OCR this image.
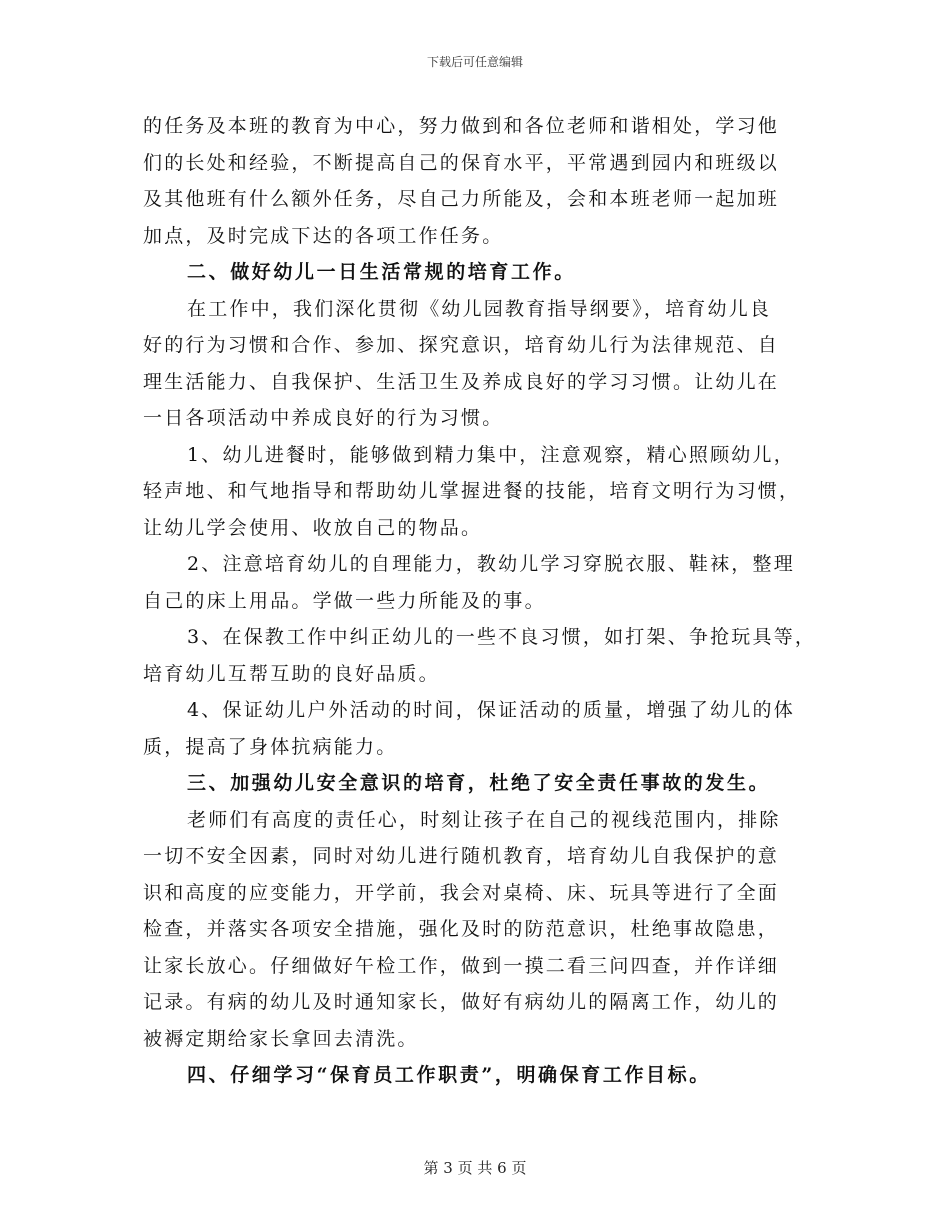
下载后可任意编辑
的任务及本班的教育为中心，努力做到和各位老师和谐相处，学习他
们的长处和经验，不断提高自己的保育水平，平常遇到园内和班级以
及其他班有什么额外任务，尽自己力所能及，会和本班老师一起加班
加点，及时完成下达的各项工作任务。
二、做好幼儿一日生活常规的培育工作。
在工作中，我们深化贯彻《幼儿园教育指导纲要》，培育幼儿良
好的行为习惯和合作、参加、探究意识，培育幼儿行为法律规范、自
理生活能力、自我保护、生活卫生及养成良好的学习习惯。让幼儿在
一日各项活动中养成良好的行为习惯。
1、幼儿进餐时，能够做到精力集中，注意观察，精心照顾幼儿，
轻声地、和气地指导和帮助幼儿掌握进餐的技能，培育文明行为习惯，
让幼儿学会使用、收放自己的物品。
2、注意培育幼儿的自理能力，教幼儿学习穿脱衣服、鞋袜，整理
自己的床上用品。学做一些力所能及的事。
3、在保教工作中纠正幼儿的一些不良习惯，如打架、争抢玩具等，
培育幼儿互帮互助的良好品质。
4、保证幼儿户外活动的时间，保证活动的质量，增强了幼儿的体
质，提高了身体抗病能力。
三、加强幼儿安全意识的培育，杜绝了安全责任事故的发生。
老师们有高度的责任心，时刻让孩子在自己的视线范围内，排除
一切不安全因素，同时对幼儿进行随机教育，培育幼儿自我保护的意
识和高度的应变能力，开学前，我会对桌椅、床、玩具等进行了全面
检查，并落实各项安全措施，强化及时的防范意识，杜绝事故隐患，
让家长放心。仔细做好午检工作，做到一摸二看三问四查，并作详细
记录。有病的幼儿及时通知家长，做好有病幼儿的隔离工作，幼儿的
被褥定期给家长拿回去清洗。
四、仔细学习“保育员工作职责”，明确保育工作目标。
第 3 页 共 6 页
